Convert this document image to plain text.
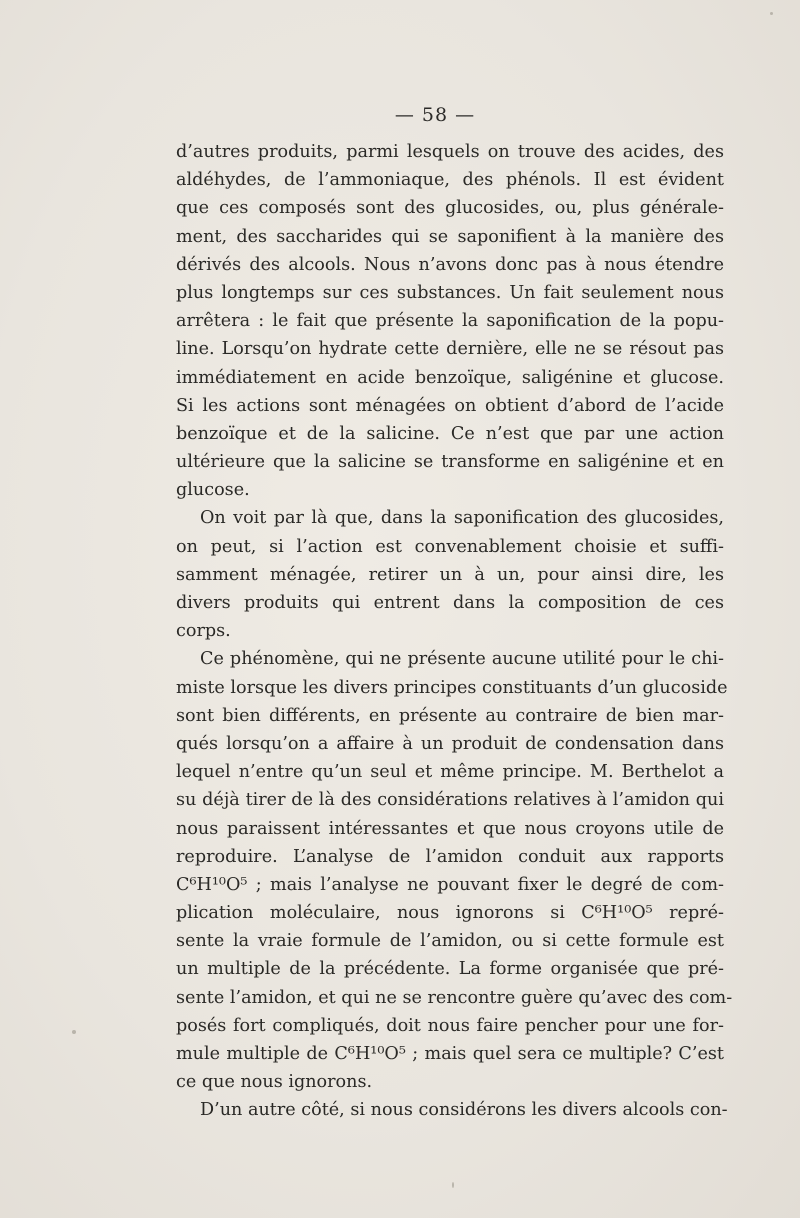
— 58 —
d’autres produits, parmi lesquels on trouve des acides, des
aldéhydes, de l’ammoniaque, des phénols. Il est évident
que ces composés sont des glucosides, ou, plus générale-
ment, des saccharides qui se saponifient à la manière des
dérivés des alcools. Nous n’avons donc pas à nous étendre
plus longtemps sur ces substances. Un fait seulement nous
arrêtera : le fait que présente la saponification de la popu-
line. Lorsqu’on hydrate cette dernière, elle ne se résout pas
immédiatement en acide benzoïque, saligénine et glucose.
Si les actions sont ménagées on obtient d’abord de l’acide
benzoïque et de la salicine. Ce n’est que par une action
ultérieure que la salicine se transforme en saligénine et en
glucose.
On voit par là que, dans la saponification des glucosides,
on peut, si l’action est convenablement choisie et suffi-
samment ménagée, retirer un à un, pour ainsi dire, les
divers produits qui entrent dans la composition de ces
corps.
Ce phénomène, qui ne présente aucune utilité pour le chi-
miste lorsque les divers principes constituants d’un glucoside
sont bien différents, en présente au contraire de bien mar-
qués lorsqu’on a affaire à un produit de condensation dans
lequel n’entre qu’un seul et même principe. M. Berthelot a
su déjà tirer de là des considérations relatives à l’amidon qui
nous paraissent intéressantes et que nous croyons utile de
reproduire. L’analyse de l’amidon conduit aux rapports
C⁶H¹⁰O⁵ ; mais l’analyse ne pouvant fixer le degré de com-
plication moléculaire, nous ignorons si C⁶H¹⁰O⁵ repré-
sente la vraie formule de l’amidon, ou si cette formule est
un multiple de la précédente. La forme organisée que pré-
sente l’amidon, et qui ne se rencontre guère qu’avec des com-
posés fort compliqués, doit nous faire pencher pour une for-
mule multiple de C⁶H¹⁰O⁵ ; mais quel sera ce multiple? C’est
ce que nous ignorons.
D’un autre côté, si nous considérons les divers alcools con-
